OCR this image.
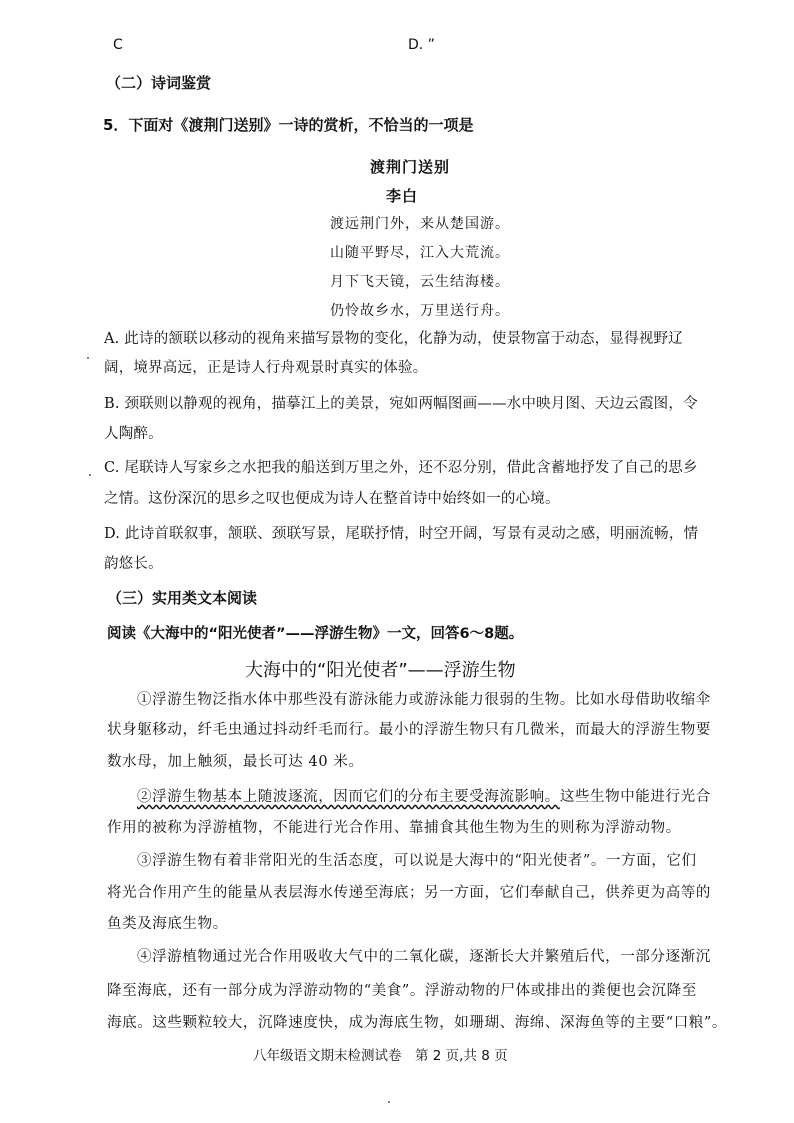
C	D. ”
（二）诗词鉴赏
5．下面对《渡荆门送别》一诗的赏析，不恰当的一项是
渡荆门送别
李白
渡远荆门外，来从楚国游。
山随平野尽，江入大荒流。
月下飞天镜，云生结海楼。
仍怜故乡水，万里送行舟。
A. 此诗的颔联以移动的视角来描写景物的变化，化静为动，使景物富于动态，显得视野辽
阔，境界高远，正是诗人行舟观景时真实的体验。
B. 颈联则以静观的视角，描摹江上的美景，宛如两幅图画——水中映月图、天边云霞图，令
人陶醉。
C. 尾联诗人写家乡之水把我的船送到万里之外，还不忍分别，借此含蓄地抒发了自己的思乡
之情。这份深沉的思乡之叹也便成为诗人在整首诗中始终如一的心境。
D. 此诗首联叙事，颔联、颈联写景，尾联抒情，时空开阔，写景有灵动之感，明丽流畅，情
韵悠长。
（三）实用类文本阅读
阅读《大海中的“阳光使者”——浮游生物》一文，回答6～8题。
大海中的“阳光使者”——浮游生物
①浮游生物泛指水体中那些没有游泳能力或游泳能力很弱的生物。比如水母借助收缩伞
状身躯移动，纤毛虫通过抖动纤毛而行。最小的浮游生物只有几微米，而最大的浮游生物要
数水母，加上触须，最长可达 40 米。
②浮游生物基本上随波逐流，因而它们的分布主要受海流影响。这些生物中能进行光合
作用的被称为浮游植物，不能进行光合作用、靠捕食其他生物为生的则称为浮游动物。
③浮游生物有着非常阳光的生活态度，可以说是大海中的“阳光使者”。一方面，它们
将光合作用产生的能量从表层海水传递至海底；另一方面，它们奉献自己，供养更为高等的
鱼类及海底生物。
④浮游植物通过光合作用吸收大气中的二氧化碳，逐渐长大并繁殖后代，一部分逐渐沉
降至海底，还有一部分成为浮游动物的“美食”。浮游动物的尸体或排出的粪便也会沉降至
海底。这些颗粒较大，沉降速度快，成为海底生物，如珊瑚、海绵、深海鱼等的主要“口粮”。
八年级语文期末检测试卷　第 2 页,共 8 页
